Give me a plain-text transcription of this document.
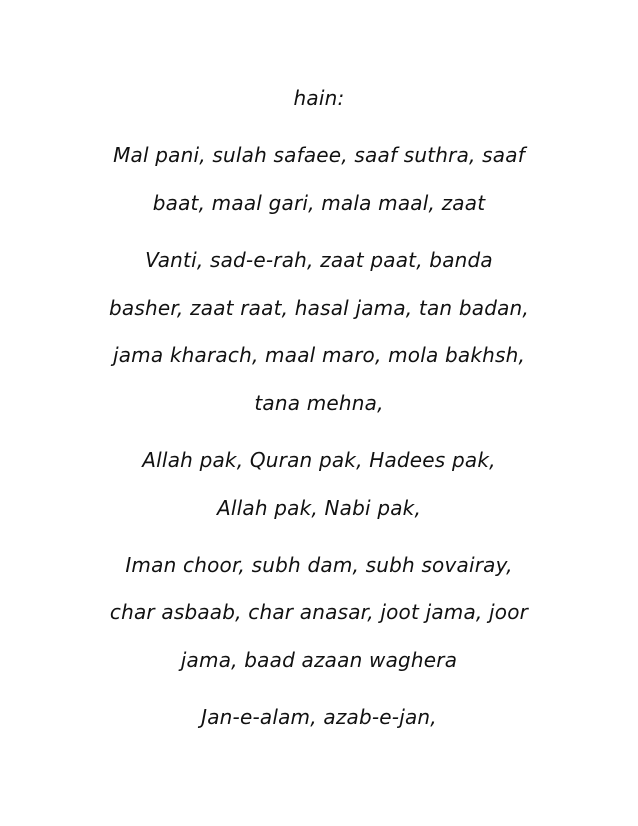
hain:
Mal pani, sulah safaee, saaf suthra, saaf
baat, maal gari, mala maal, zaat
Vanti, sad-e-rah, zaat paat, banda
basher, zaat raat, hasal jama, tan badan,
jama kharach, maal maro, mola bakhsh,
tana mehna,
Allah pak, Quran pak, Hadees pak,
Allah pak, Nabi pak,
Iman choor, subh dam, subh sovairay,
char asbaab, char anasar, joot jama, joor
jama, baad azaan waghera
Jan-e-alam, azab-e-jan,
